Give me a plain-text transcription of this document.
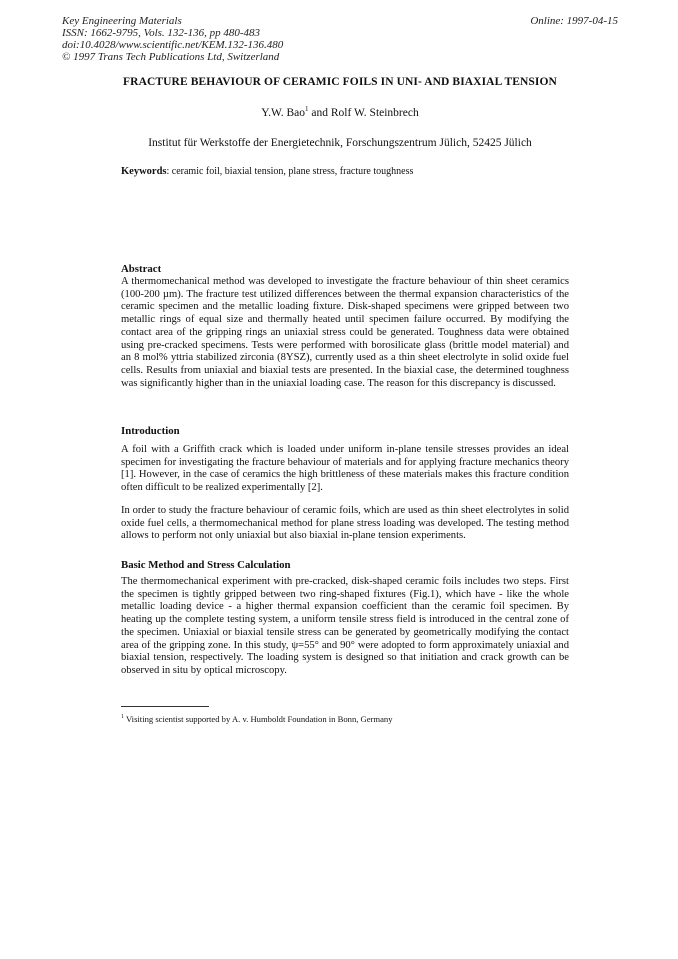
Key Engineering Materials
ISSN: 1662-9795, Vols. 132-136, pp 480-483
doi:10.4028/www.scientific.net/KEM.132-136.480
© 1997 Trans Tech Publications Ltd, Switzerland
Online: 1997-04-15
FRACTURE BEHAVIOUR OF CERAMIC FOILS IN UNI- AND BIAXIAL TENSION
Y.W. Bao$^1$ and Rolf W. Steinbrech
Institut für Werkstoffe der Energietechnik, Forschungszentrum Jülich, 52425 Jülich
Keywords: ceramic foil, biaxial tension, plane stress, fracture toughness
Abstract
A thermomechanical method was developed to investigate the fracture behaviour of thin sheet ceramics (100-200 µm). The fracture test utilized differences between the thermal expansion characteristics of the ceramic specimen and the metallic loading fixture. Disk-shaped specimens were gripped between two metallic rings of equal size and thermally heated until specimen failure occurred. By modifying the contact area of the gripping rings an uniaxial stress could be generated. Toughness data were obtained using pre-cracked specimens. Tests were performed with borosilicate glass (brittle model material) and an 8 mol% yttria stabilized zirconia (8YSZ), currently used as a thin sheet electrolyte in solid oxide fuel cells. Results from uniaxial and biaxial tests are presented. In the biaxial case, the determined toughness was significantly higher than in the uniaxial loading case. The reason for this discrepancy is discussed.
Introduction
A foil with a Griffith crack which is loaded under uniform in-plane tensile stresses provides an ideal specimen for investigating the fracture behaviour of materials and for applying fracture mechanics theory [1]. However, in the case of ceramics the high brittleness of these materials makes this fracture condition often difficult to be realized experimentally [2].
In order to study the fracture behaviour of ceramic foils, which are used as thin sheet electrolytes in solid oxide fuel cells, a thermomechanical method for plane stress loading was developed. The testing method allows to perform not only uniaxial but also biaxial in-plane tension experiments.
Basic Method and Stress Calculation
The thermomechanical experiment with pre-cracked, disk-shaped ceramic foils includes two steps. First the specimen is tightly gripped between two ring-shaped fixtures (Fig.1), which have - like the whole metallic loading device - a higher thermal expansion coefficient than the ceramic foil specimen. By heating up the complete testing system, a uniform tensile stress field is introduced in the central zone of the specimen. Uniaxial or biaxial tensile stress can be generated by geometrically modifying the contact area of the gripping zone. In this study, ψ=55° and 90° were adopted to form approximately uniaxial and biaxial tension, respectively. The loading system is designed so that initiation and crack growth can be observed in situ by optical microscopy.
$^1$ Visiting scientist supported by A. v. Humboldt Foundation in Bonn, Germany
